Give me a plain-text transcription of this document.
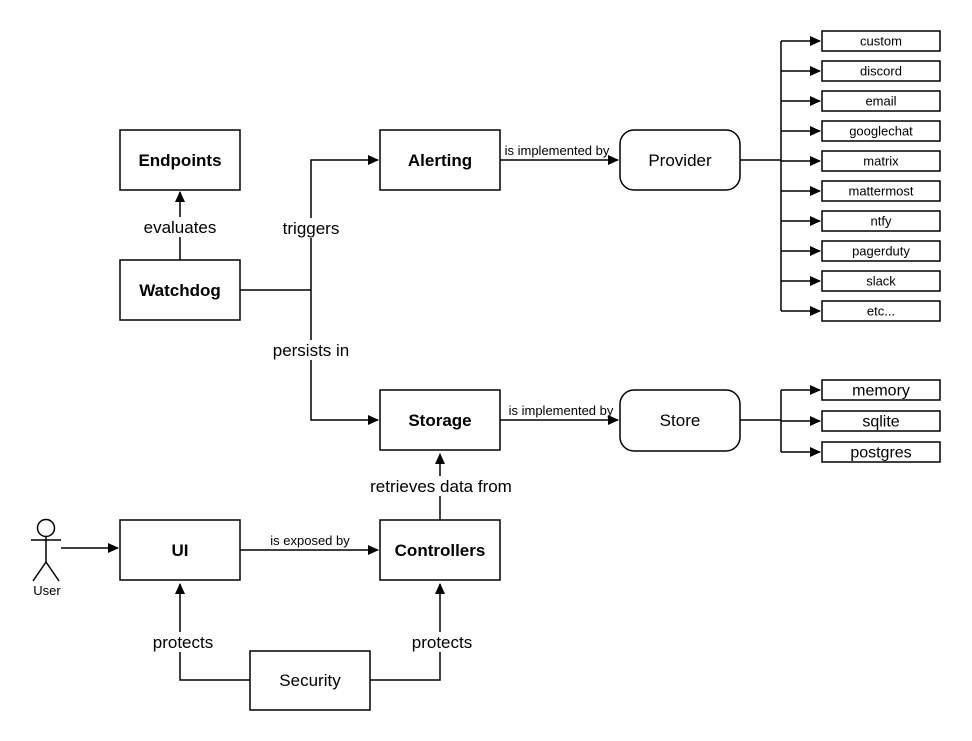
evaluates	triggers
persists in
is implemented by
is implemented by
retrieves data from
is exposed by
protects	protects
Endpoints
Watchdog
Alerting	Provider
Storage	Store
UI	Controllers
Security
custom
discord
email
googlechat
matrix
mattermost
ntfy
pagerduty
slack
etc...
memory
sqlite
postgres
User
